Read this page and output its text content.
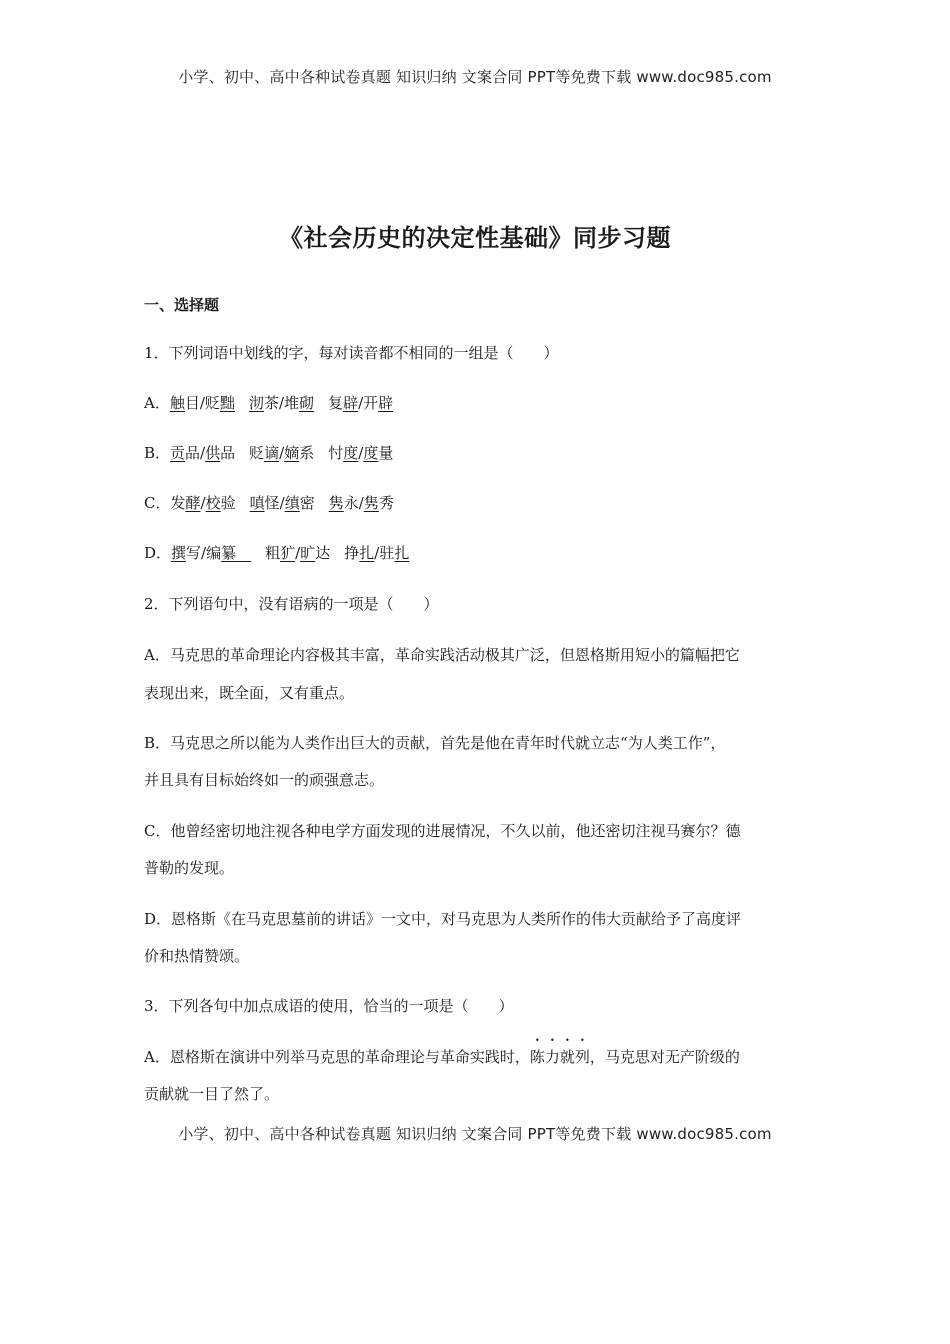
小学、初中、高中各种试卷真题 知识归纳 文案合同 PPT等免费下载 www.doc985.com
《社会历史的决定性基础》同步习题
一、选择题
1．下列词语中划线的字，每对读音都不相同的一组是（　　）
A．触目/贬黜 沏茶/堆砌 复辟/开辟
B．贡品/供品 贬谪/嫡系 忖度/度量
C．发酵/校验 嗔怪/缜密 隽永/隽秀
D．撰写/编纂　粗犷/旷达 挣扎/驻扎
2．下列语句中，没有语病的一项是（　　）
A．马克思的革命理论内容极其丰富，革命实践活动极其广泛，但恩格斯用短小的篇幅把它
表现出来，既全面，又有重点。
B．马克思之所以能为人类作出巨大的贡献，首先是他在青年时代就立志“为人类工作”，
并且具有目标始终如一的顽强意志。
C．他曾经密切地注视各种电学方面发现的进展情况，不久以前，他还密切注视马赛尔？德
普勒的发现。
D．恩格斯《在马克思墓前的讲话》一文中，对马克思为人类所作的伟大贡献给予了高度评
价和热情赞颂。
3．下列各句中加点成语的使用，恰当的一项是（　　）
A．恩格斯在演讲中列举马克思的革命理论与革命实践时，陈力就列，马克思对无产阶级的
贡献就一目了然了。
小学、初中、高中各种试卷真题 知识归纳 文案合同 PPT等免费下载 www.doc985.com
